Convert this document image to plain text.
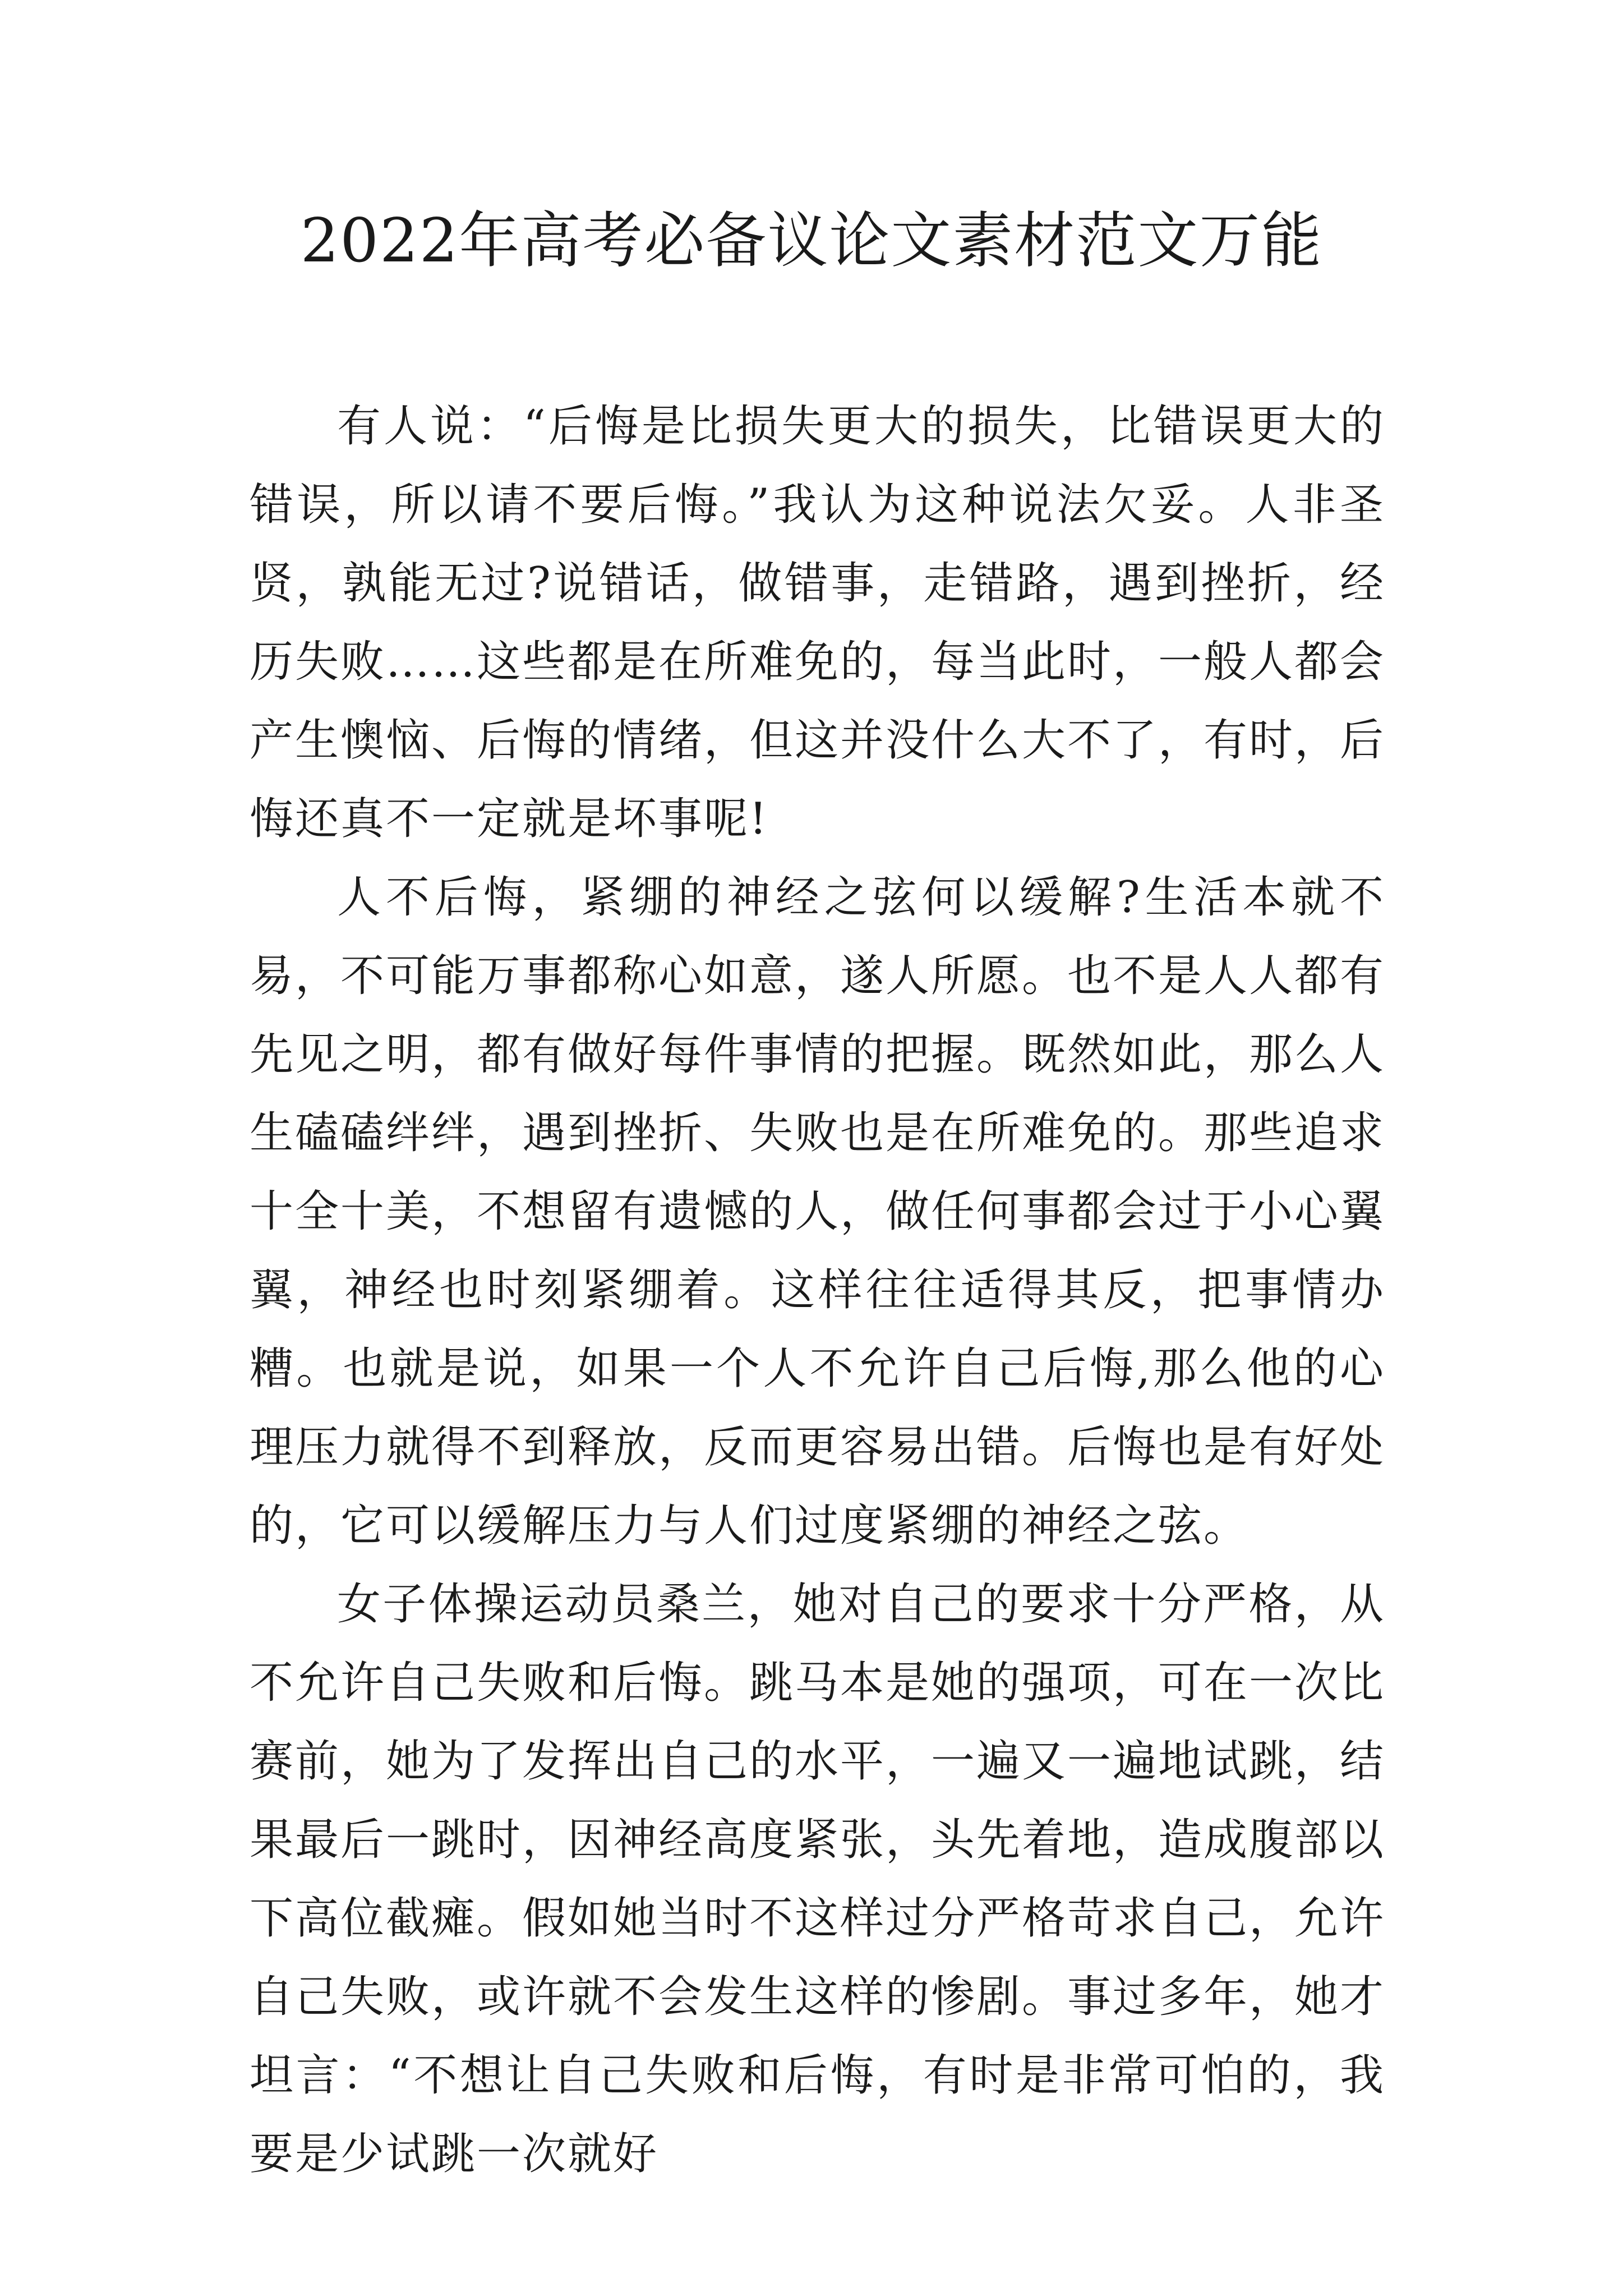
2022年高考必备议论文素材范文万能

有人说：“后悔是比损失更大的损失，比错误更大的错误，所以请不要后悔。”我认为这种说法欠妥。人非圣贤，孰能无过?说错话，做错事，走错路，遇到挫折，经历失败……这些都是在所难免的，每当此时，一般人都会产生懊恼、后悔的情绪，但这并没什么大不了，有时，后悔还真不一定就是坏事呢!

人不后悔，紧绷的神经之弦何以缓解?生活本就不易，不可能万事都称心如意，遂人所愿。也不是人人都有先见之明，都有做好每件事情的把握。既然如此，那么人生磕磕绊绊，遇到挫折、失败也是在所难免的。那些追求十全十美，不想留有遗憾的人，做任何事都会过于小心翼翼，神经也时刻紧绷着。这样往往适得其反，把事情办糟。也就是说，如果一个人不允许自己后悔,那么他的心理压力就得不到释放，反而更容易出错。后悔也是有好处的，它可以缓解压力与人们过度紧绷的神经之弦。

女子体操运动员桑兰，她对自己的要求十分严格，从不允许自己失败和后悔。跳马本是她的强项，可在一次比赛前，她为了发挥出自己的水平，一遍又一遍地试跳，结果最后一跳时，因神经高度紧张，头先着地，造成腹部以下高位截瘫。假如她当时不这样过分严格苛求自己，允许自己失败，或许就不会发生这样的惨剧。事过多年，她才坦言：“不想让自己失败和后悔，有时是非常可怕的，我要是少试跳一次就好
